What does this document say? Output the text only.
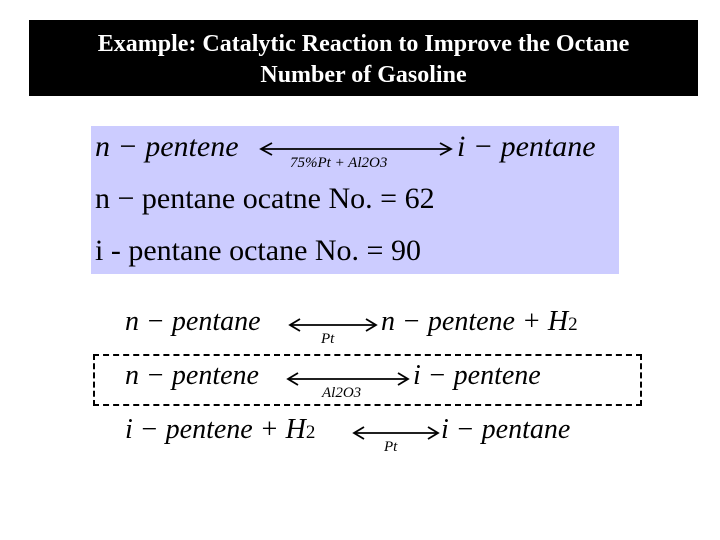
Example: Catalytic Reaction to Improve the Octane
Number of Gasoline
n − pentene	75%Pt + Al2O3 i − pentane
n − pentane ocatne No. = 62
i - pentane octane No. = 90
n − pentane
Pt
n − pentene + H2
n − pentene
Al2O3
i − pentene
i − pentene + H2
Pt
i − pentane
